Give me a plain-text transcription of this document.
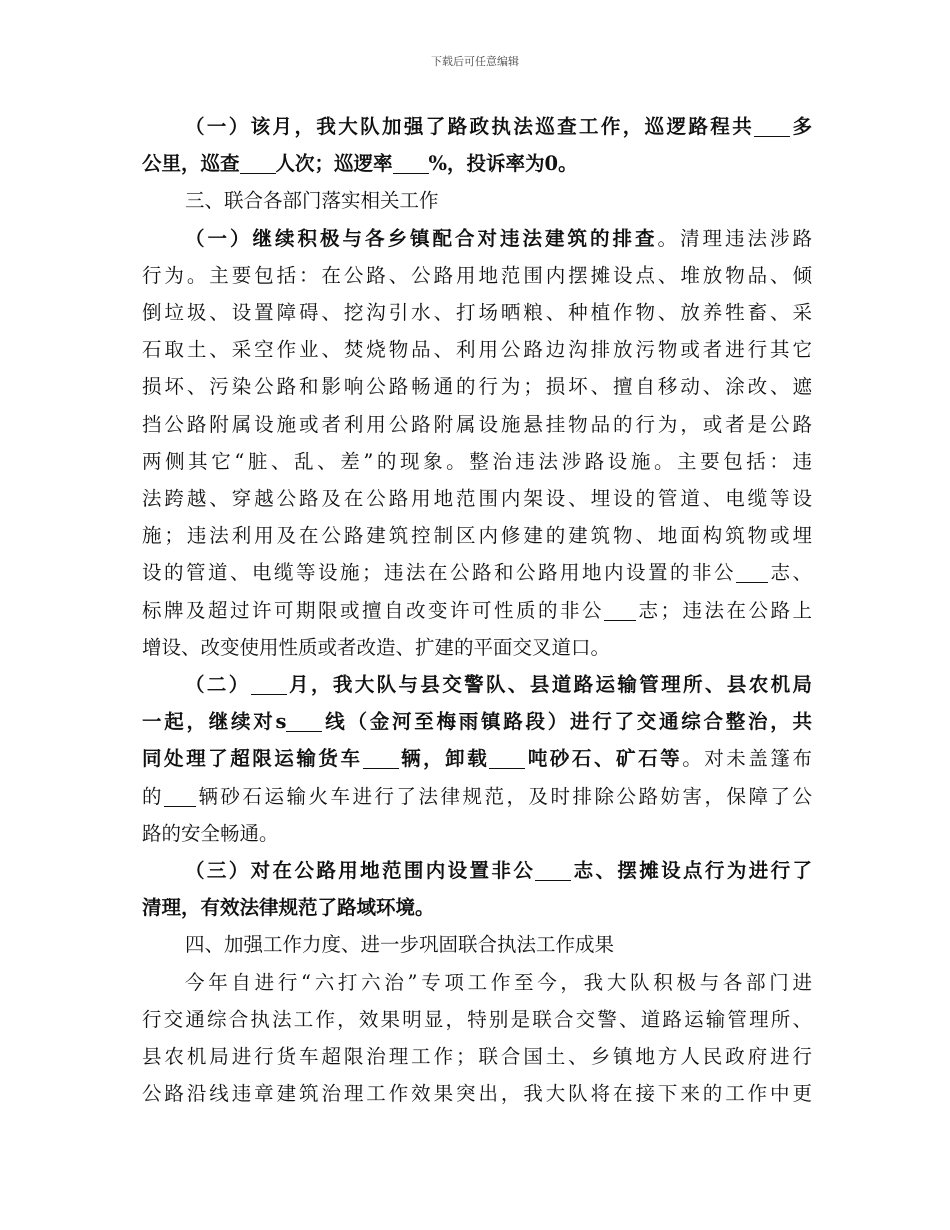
下载后可任意编辑
（一）该月，我大队加强了路政执法巡查工作，巡逻路程共 多
公里，巡查 人次；巡逻率 %，投诉率为0。
三、联合各部门落实相关工作
（一）继续积极与各乡镇配合对违法建筑的排查。清理违法涉路
行为。主要包括：在公路、公路用地范围内摆摊设点、堆放物品、倾
倒垃圾、设置障碍、挖沟引水、打场晒粮、种植作物、放养牲畜、采
石取土、采空作业、焚烧物品、利用公路边沟排放污物或者进行其它
损坏、污染公路和影响公路畅通的行为；损坏、擅自移动、涂改、遮
挡公路附属设施或者利用公路附属设施悬挂物品的行为，或者是公路
两侧其它“脏、乱、差”的现象。整治违法涉路设施。主要包括：违
法跨越、穿越公路及在公路用地范围内架设、埋设的管道、电缆等设
施；违法利用及在公路建筑控制区内修建的建筑物、地面构筑物或埋
设的管道、电缆等设施；违法在公路和公路用地内设置的非公 志、
标牌及超过许可期限或擅自改变许可性质的非公 志；违法在公路上
增设、改变使用性质或者改造、扩建的平面交叉道口。
（二） 月，我大队与县交警队、县道路运输管理所、县农机局
一起，继续对s 线（金河至梅雨镇路段）进行了交通综合整治，共
同处理了超限运输货车 辆，卸载 吨砂石、矿石等。对未盖篷布
的 辆砂石运输火车进行了法律规范，及时排除公路妨害，保障了公
路的安全畅通。
（三）对在公路用地范围内设置非公 志、摆摊设点行为进行了
清理，有效法律规范了路域环境。
四、加强工作力度、进一步巩固联合执法工作成果
今年自进行“六打六治”专项工作至今，我大队积极与各部门进
行交通综合执法工作，效果明显，特别是联合交警、道路运输管理所、
县农机局进行货车超限治理工作；联合国土、乡镇地方人民政府进行
公路沿线违章建筑治理工作效果突出，我大队将在接下来的工作中更
